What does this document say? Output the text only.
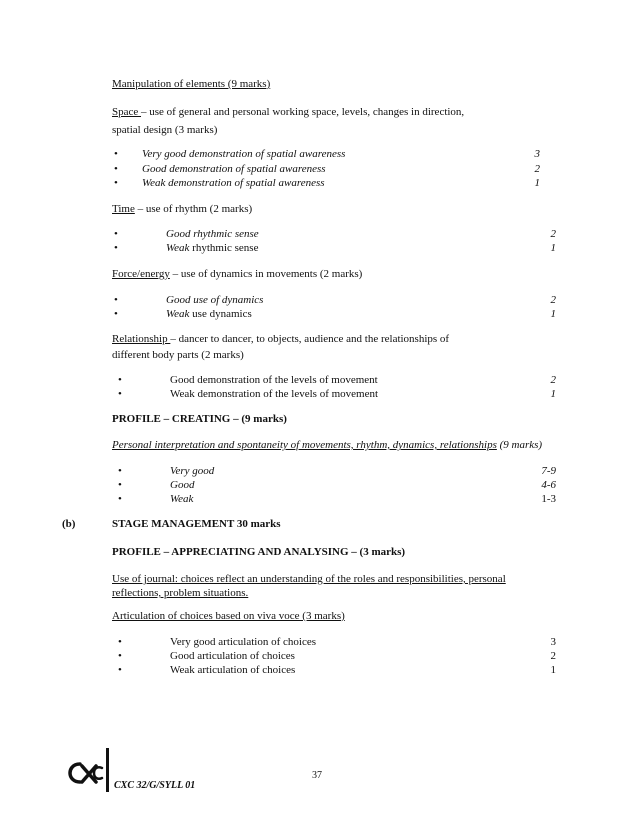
Manipulation of elements (9 marks)
Space – use of general and personal working space, levels, changes in direction,
spatial design (3 marks)
• Very good demonstration of spatial awareness	3
• Good demonstration of spatial awareness	2
• Weak demonstration of spatial awareness	1
Time – use of rhythm (2 marks)
•	Good rhythmic sense	2
•	Weak rhythmic sense	1
Force/energy – use of dynamics in movements (2 marks)
•	Good use of dynamics	2
•	Weak use dynamics	1
Relationship – dancer to dancer, to objects, audience and the relationships of
different body parts (2 marks)
•	Good demonstration of the levels of movement	2
•	Weak demonstration of the levels of movement	1
PROFILE – CREATING – (9 marks)
Personal interpretation and spontaneity of movements, rhythm, dynamics, relationships (9 marks)
•	Very good	7-9
•	Good	4-6
•	Weak	1-3
(b)	STAGE MANAGEMENT 30 marks
PROFILE – APPRECIATING AND ANALYSING – (3 marks)
Use of journal: choices reflect an understanding of the roles and responsibilities, personal
reflections, problem situations.
Articulation of choices based on viva voce (3 marks)
•	Very good articulation of choices	3
•	Good articulation of choices	2
•	Weak articulation of choices	1
37
CXC 32/G/SYLL 01
